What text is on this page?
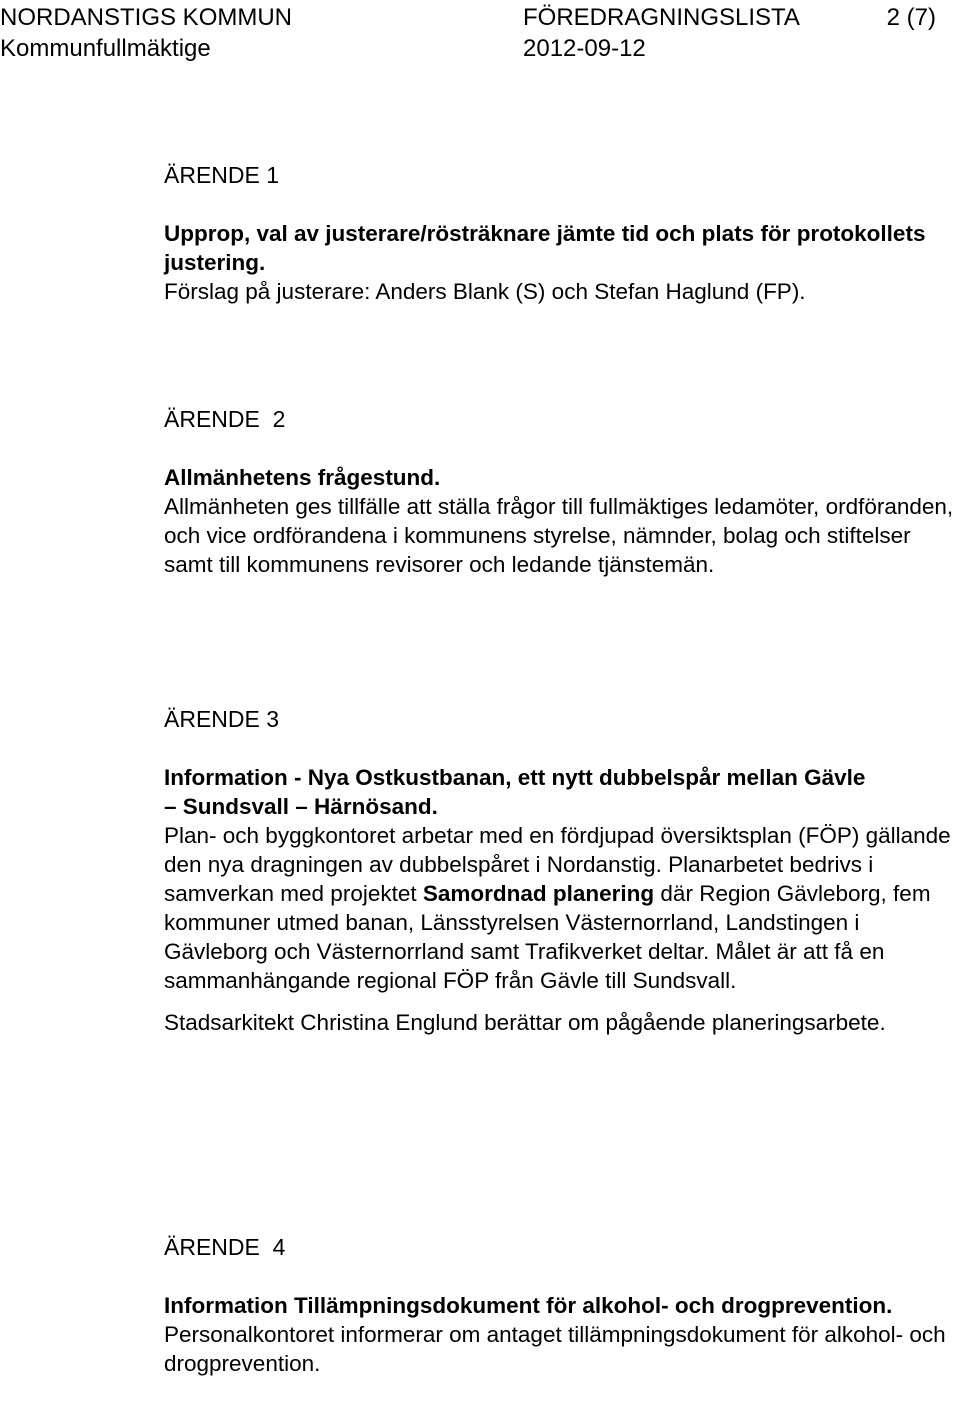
NORDANSTIGS KOMMUN
Kommunfullmäktige
FÖREDRAGNINGSLISTA
2012-09-12
2 (7)
ÄRENDE 1

Upprop, val av justerare/rösträknare jämte tid och plats för protokollets justering.

Förslag på justerare: Anders Blank (S) och Stefan Haglund (FP).

ÄRENDE  2

Allmänhetens frågestund.

Allmänheten ges tillfälle att ställa frågor till fullmäktiges ledamöter, ordföranden, och vice ordförandena i kommunens styrelse, nämnder, bolag och stiftelser samt till kommunens revisorer och ledande tjänstemän.

ÄRENDE 3

Information - Nya Ostkustbanan, ett nytt dubbelspår mellan Gävle
– Sundsvall – Härnösand.

Plan- och byggkontoret arbetar med en fördjupad översiktsplan (FÖP) gällande den nya dragningen av dubbelspåret i Nordanstig. Planarbetet bedrivs i samverkan med projektet Samordnad planering där Region Gävleborg, fem kommuner utmed banan, Länsstyrelsen Västernorrland, Landstingen i Gävleborg och Västernorrland samt Trafikverket deltar. Målet är att få en sammanhängande regional FÖP från Gävle till Sundsvall.

Stadsarkitekt Christina Englund berättar om pågående planeringsarbete.

ÄRENDE  4

Information Tillämpningsdokument för alkohol- och drogprevention.

Personalkontoret informerar om antaget tillämpningsdokument för alkohol- och drogprevention.
